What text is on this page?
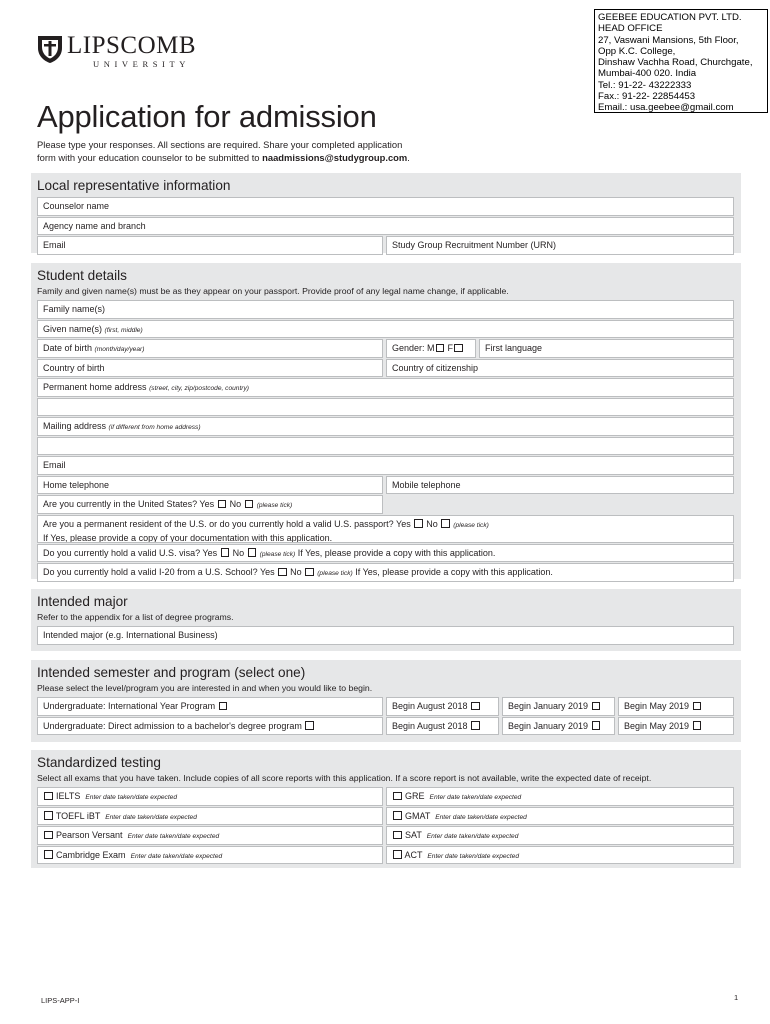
LIPSCOMB
UNIVERSITY
GEEBEE EDUCATION PVT. LTD.
HEAD OFFICE
27, Vaswani Mansions, 5th Floor,
Opp K.C. College,
Dinshaw Vachha Road, Churchgate,
Mumbai-400 020. India
Tel.: 91-22- 43222333
Fax.: 91-22- 22854453
Email.: usa.geebee@gmail.com
Application for admission
Please type your responses. All sections are required. Share your completed application
form with your education counselor to be submitted to naadmissions@studygroup.com.
Local representative information
Counselor name
Agency name and branch
Email	Study Group Recruitment Number (URN)
Student details
Family and given name(s) must be as they appear on your passport. Provide proof of any legal name change, if applicable.
Family name(s)
Given name(s) (first, middle)
Date of birth (month/day/year)	Gender: M F	First language
Country of birth	Country of citizenship
Permanent home address (street, city, zip/postcode, country)
Mailing address (if different from home address)
Email
Home telephone	Mobile telephone
Are you currently in the United States? Yes No (please tick)
Are you a permanent resident of the U.S. or do you currently hold a valid U.S. passport? Yes No (please tick)
If Yes, please provide a copy of your documentation with this application.
Do you currently hold a valid U.S. visa? Yes No (please tick) If Yes, please provide a copy with this application.
Do you currently hold a valid I-20 from a U.S. School? Yes No (please tick) If Yes, please provide a copy with this application.
Intended major
Refer to the appendix for a list of degree programs.
Intended major (e.g. International Business)
Intended semester and program (select one)
Please select the level/program you are interested in and when you would like to begin.
Undergraduate: International Year Program	Begin August 2018	Begin January 2019	Begin May 2019
Undergraduate: Direct admission to a bachelor's degree program	Begin August 2018	Begin January 2019	Begin May 2019
Standardized testing
Select all exams that you have taken. Include copies of all score reports with this application. If a score report is not available, write the expected date of receipt.
IELTS Enter date taken/date expected	GRE Enter date taken/date expected
TOEFL iBT Enter date taken/date expected	GMAT Enter date taken/date expected
Pearson Versant Enter date taken/date expected	SAT Enter date taken/date expected
Cambridge Exam Enter date taken/date expected	ACT Enter date taken/date expected
LIPS-APP-I	1
